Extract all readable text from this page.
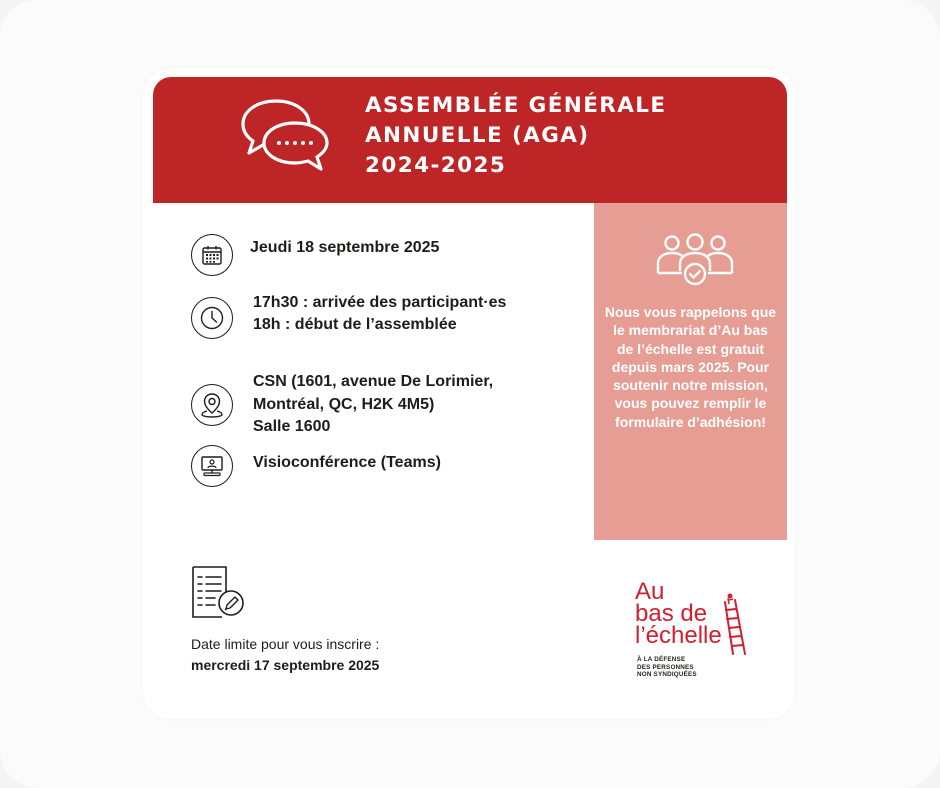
ASSEMBLÉE GÉNÉRALE
ANNUELLE (AGA)
2024-2025
Jeudi 18 septembre 2025
17h30 : arrivée des participant·es
18h : début de l’assemblée
CSN (1601, avenue De Lorimier,
Montréal, QC, H2K 4M5)
Salle 1600
Visioconférence (Teams)

Nous vous rappelons que le membrariat d’Au bas de l’échelle est gratuit depuis mars 2025. Pour soutenir notre mission, vous pouvez remplir le formulaire d’adhésion!

Date limite pour vous inscrire :
mercredi 17 septembre 2025
Au
bas de
l’échelle
À LA DÉFENSE
DES PERSONNES
NON SYNDIQUÉES
